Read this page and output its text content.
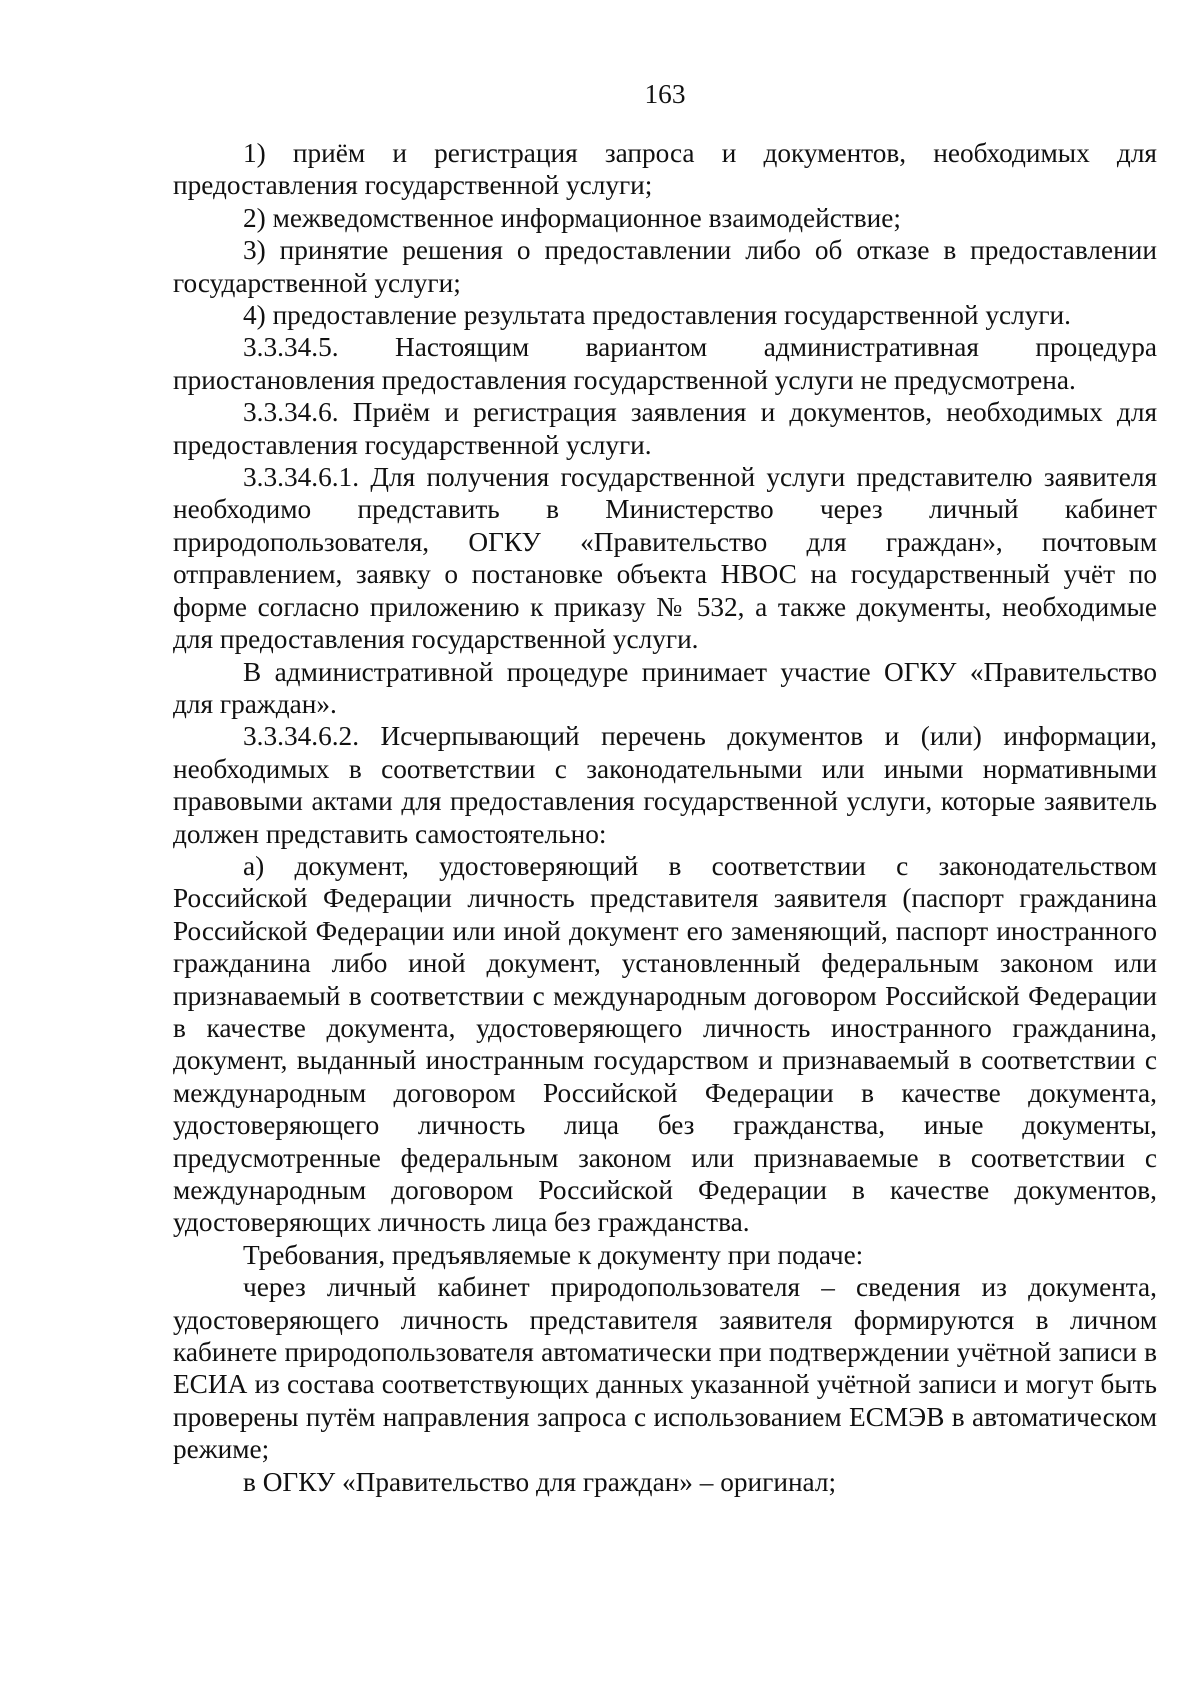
163

1) приём и регистрация запроса и документов, необходимых для предоставления государственной услуги;

2) межведомственное информационное взаимодействие;

3) принятие решения о предоставлении либо об отказе в предоставлении государственной услуги;

4) предоставление результата предоставления государственной услуги.

3.3.34.5. Настоящим вариантом административная процедура приостановления предоставления государственной услуги не предусмотрена.

3.3.34.6. Приём и регистрация заявления и документов, необходимых для предоставления государственной услуги.

3.3.34.6.1. Для получения государственной услуги представителю заявителя необходимо представить в Министерство через личный кабинет природопользователя, ОГКУ «Правительство для граждан», почтовым отправлением, заявку о постановке объекта НВОС на государственный учёт по форме согласно приложению к приказу № 532, а также документы, необходимые для предоставления государственной услуги.

В административной процедуре принимает участие ОГКУ «Правительство для граждан».

3.3.34.6.2. Исчерпывающий перечень документов и (или) информации, необходимых в соответствии с законодательными или иными нормативными правовыми актами для предоставления государственной услуги, которые заявитель должен представить самостоятельно:

а) документ, удостоверяющий в соответствии с законодательством Российской Федерации личность представителя заявителя (паспорт гражданина Российской Федерации или иной документ его заменяющий, паспорт иностранного гражданина либо иной документ, установленный федеральным законом или признаваемый в соответствии с международным договором Российской Федерации в качестве документа, удостоверяющего личность иностранного гражданина, документ, выданный иностранным государством и признаваемый в соответствии с международным договором Российской Федерации в качестве документа, удостоверяющего личность лица без гражданства, иные документы, предусмотренные федеральным законом или признаваемые в соответствии с международным договором Российской Федерации в качестве документов, удостоверяющих личность лица без гражданства.

Требования, предъявляемые к документу при подаче:

через личный кабинет природопользователя – сведения из документа, удостоверяющего личность представителя заявителя формируются в личном кабинете природопользователя автоматически при подтверждении учётной записи в ЕСИА из состава соответствующих данных указанной учётной записи и могут быть проверены путём направления запроса с использованием ЕСМЭВ в автоматическом режиме;

в ОГКУ «Правительство для граждан» – оригинал;
